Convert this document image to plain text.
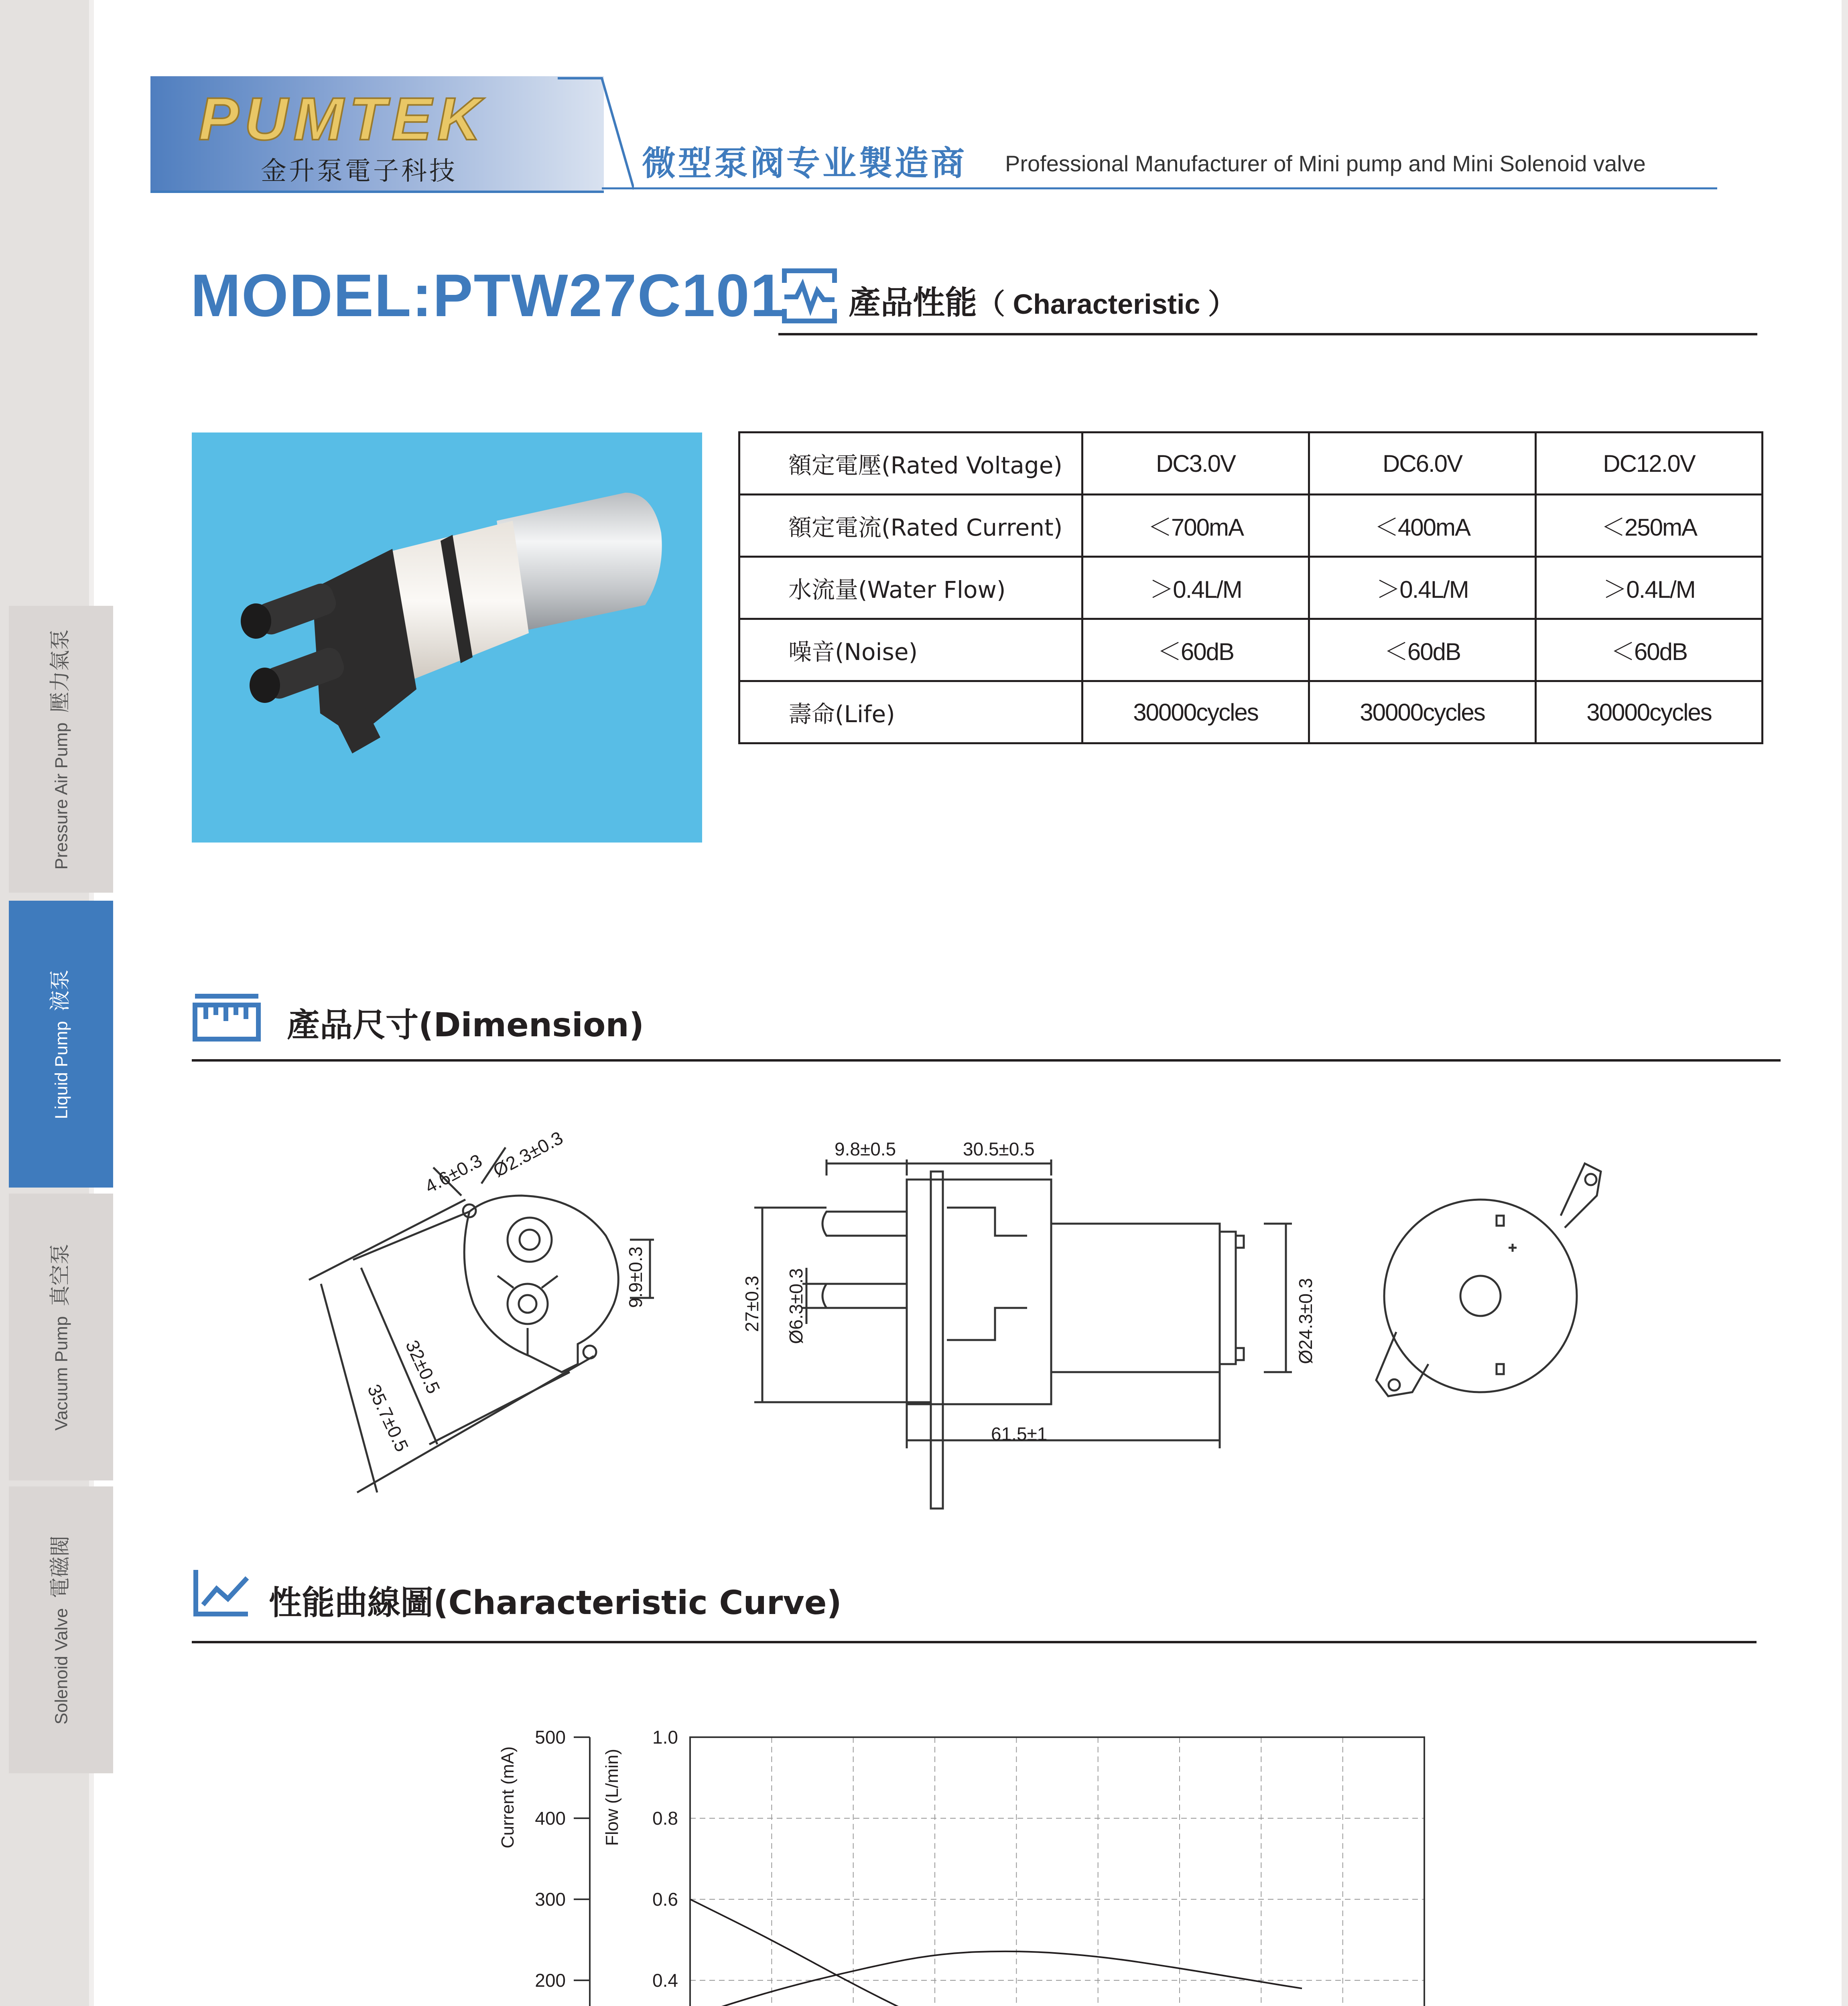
Pressure Air Pump  壓力氣泵
Liquid Pump  液泵
Vacuum Pump  真空泵
Solenoid Valve  電磁閥
PUMTEK
金升泵電子科技	微型泵阀专业製造商 Professional Manufacturer of Mini pump and Mini Solenoid valve
MODEL:PTW27C101 產品性能（ Characteristic ）
額定電壓(Rated Voltage)	DC3.0V	DC6.0V	DC12.0V
額定電流(Rated Current)	＜700mA	＜400mA	＜250mA
水流量(Water Flow)	＞0.4L/M	＞0.4L/M	＞0.4L/M
噪音(Noise)	＜60dB	＜60dB	＜60dB
壽命(Life)	30000cycles	30000cycles	30000cycles
產品尺寸(Dimension)
4.6±0.3 Ø2.3±0.3
9.9±0.3
32±0.5
35.7±0.5
9.8±0.5	30.5±0.5
27±0.3 Ø6.3±0.3
61.5±1
Ø24.3±0.3
性能曲線圖(Characteristic Curve)
0.4
0.6
0.8
1.0
200
300
400
500
Current (mA)	Flow (L/min)
